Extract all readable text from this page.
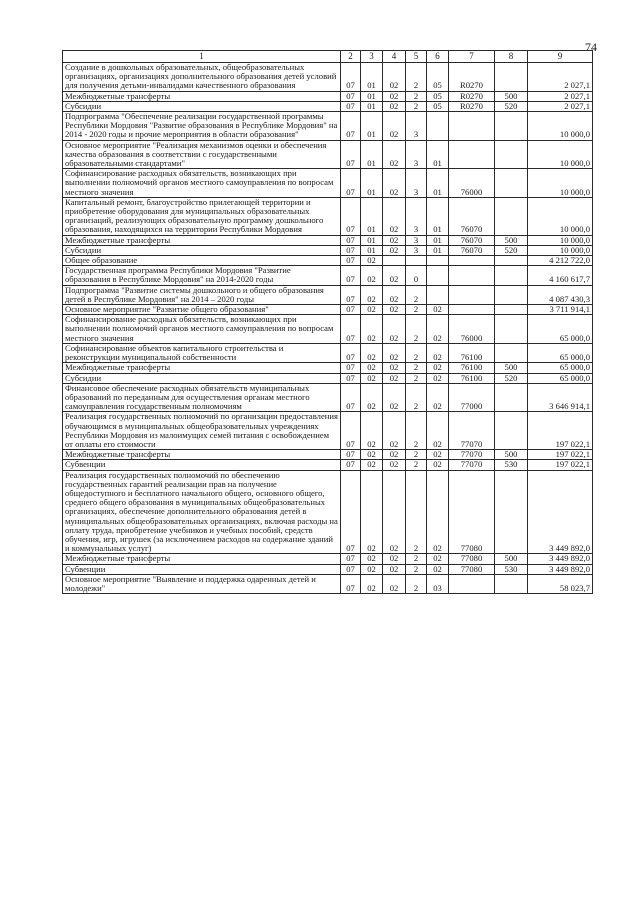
74
1	2	3	4	5	6	7	8	9
Создание в дошкольных образовательных, общеобразовательных организациях, организациях дополнительного образования детей условий для получения детьми-инвалидами качественного образования	07	01	02	2	05	R0270		2 027,1
Межбюджетные трансферты	07	01	02	2	05	R0270	500	2 027,1
Субсидии	07	01	02	2	05	R0270	520	2 027,1
Подпрограмма "Обеспечение реализации государственной программы Республики Мордовия "Развитие образования в Республике Мордовия" на 2014 - 2020 годы и прочие мероприятия в области образования"	07	01	02	3				10 000,0
Основное мероприятие "Реализация механизмов оценки и обеспечения качества образования в соответствии с государственными образовательными стандартами"	07	01	02	3	01			10 000,0
Софинансирование расходных обязательств, возникающих при выполнении полномочий органов местного самоуправления по вопросам местного значения	07	01	02	3	01	76000		10 000,0
Капитальный ремонт, благоустройство прилегающей территории и приобретение оборудования для муниципальных образовательных организаций, реализующих образовательную программу дошкольного образования, находящихся на территории Республики Мордовия	07	01	02	3	01	76070		10 000,0
Межбюджетные трансферты	07	01	02	3	01	76070	500	10 000,0
Субсидии	07	01	02	3	01	76070	520	10 000,0
Общее образование	07	02						4 212 722,0
Государственная программа Республики Мордовия "Развитие образования в Республике Мордовия" на 2014-2020 годы	07	02	02	0				4 160 617,7
Подпрограмма "Развитие системы дошкольного и общего образования детей в Республике Мордовия" на 2014 – 2020 годы	07	02	02	2				4 087 430,3
Основное мероприятие "Развитие общего образования"	07	02	02	2	02			3 711 914,1
Софинансирование расходных обязательств, возникающих при выполнении полномочий органов местного самоуправления по вопросам местного значения	07	02	02	2	02	76000		65 000,0
Софинансирование объектов капитального строительства и реконструкции муниципальной собственности	07	02	02	2	02	76100		65 000,0
Межбюджетные трансферты	07	02	02	2	02	76100	500	65 000,0
Субсидии	07	02	02	2	02	76100	520	65 000,0
Финансовое обеспечение расходных обязательств муниципальных образований по переданным для осуществления органам местного самоуправления государственным полномочиям	07	02	02	2	02	77000		3 646 914,1
Реализация государственных полномочий по организации предоставления обучающимся в муниципальных общеобразовательных учреждениях Республики Мордовия из малоимущих семей питания с освобождением от оплаты его стоимости	07	02	02	2	02	77070		197 022,1
Межбюджетные трансферты	07	02	02	2	02	77070	500	197 022,1
Субвенции	07	02	02	2	02	77070	530	197 022,1
Реализация государственных полномочий по обеспечению государственных гарантий реализации прав на получение общедоступного и бесплатного начального общего, основного общего, среднего общего образования в муниципальных общеобразовательных организациях, обеспечение дополнительного образования детей в муниципальных общеобразовательных организациях, включая расходы на оплату труда, приобретение учебников и учебных пособий, средств обучения, игр, игрушек (за исключением расходов на содержание зданий и коммунальных услуг)	07	02	02	2	02	77080		3 449 892,0
Межбюджетные трансферты	07	02	02	2	02	77080	500	3 449 892,0
Субвенции	07	02	02	2	02	77080	530	3 449 892,0
Основное мероприятие "Выявление и поддержка одаренных детей и молодежи"	07	02	02	2	03			58 023,7
